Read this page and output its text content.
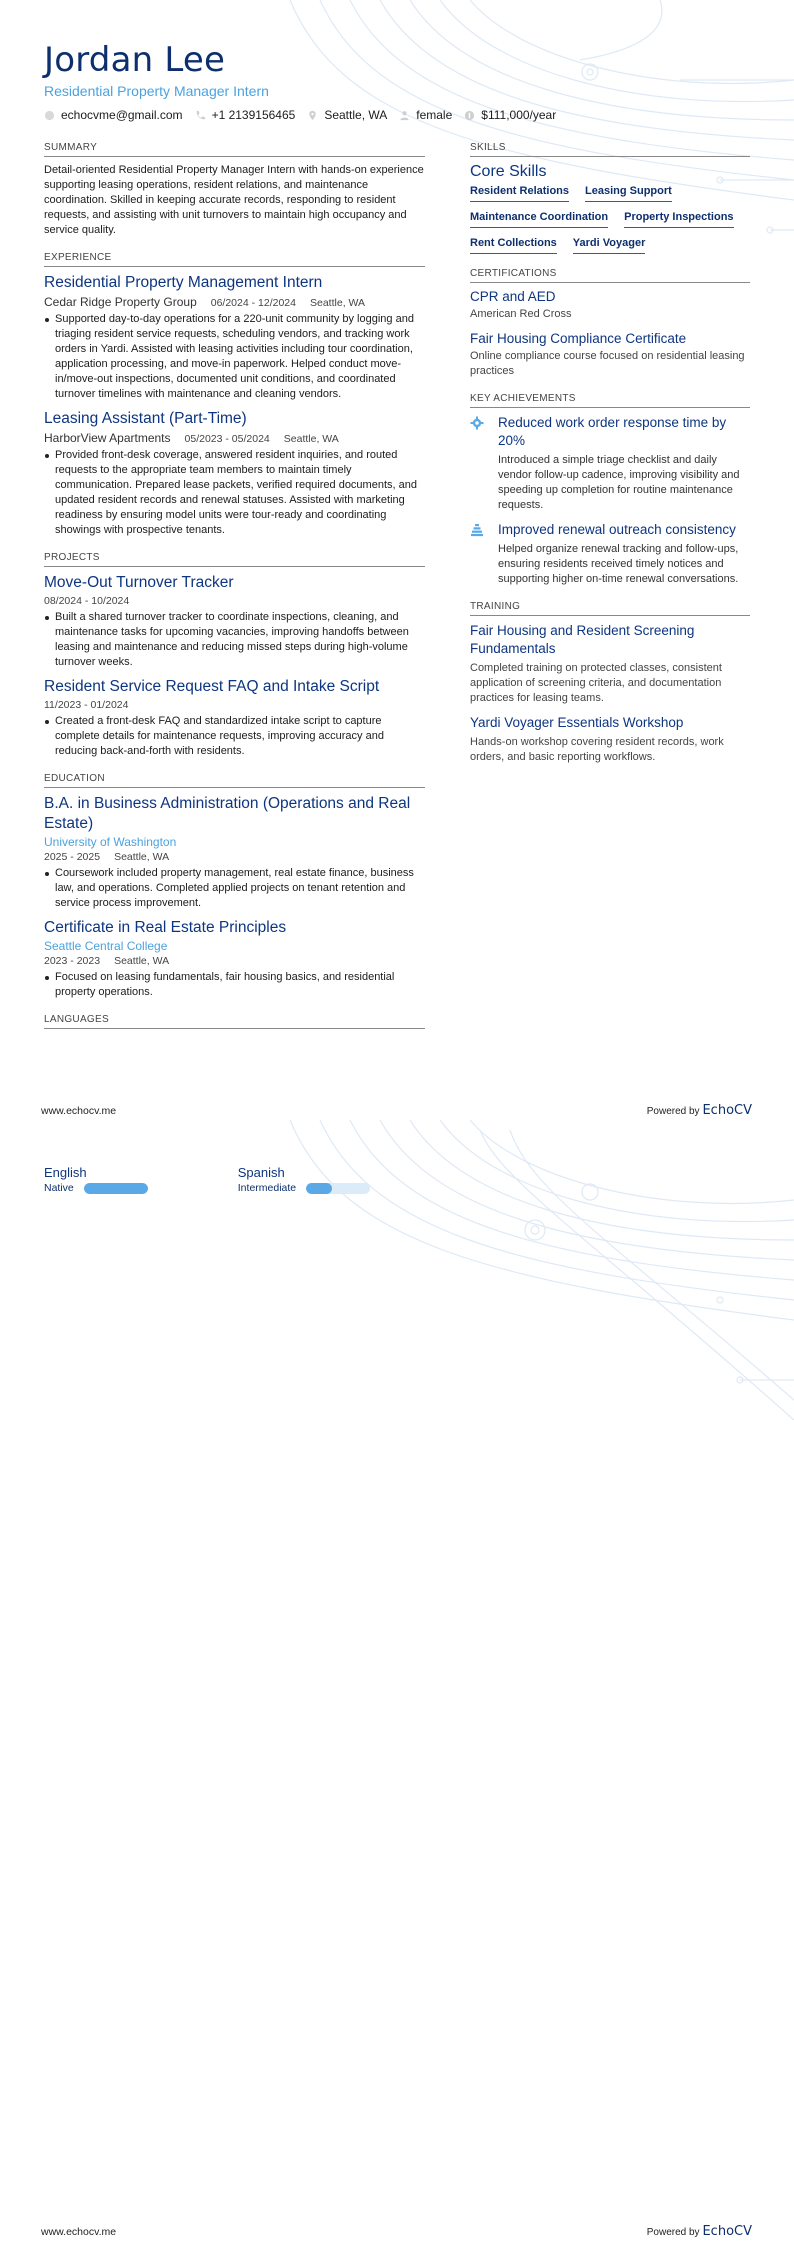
Jordan Lee
Residential Property Manager Intern
echocvme@gmail.com +1 2139156465 Seattle, WA female $111,000/year
SUMMARY
Detail-oriented Residential Property Manager Intern with hands-on experience supporting leasing operations, resident relations, and maintenance coordination. Skilled in keeping accurate records, responding to resident requests, and assisting with unit turnovers to maintain high occupancy and service quality.
EXPERIENCE
Residential Property Management Intern
Cedar Ridge Property Group 06/2024 - 12/2024 Seattle, WA
Supported day-to-day operations for a 220-unit community by logging and triaging resident service requests, scheduling vendors, and tracking work orders in Yardi. Assisted with leasing activities including tour coordination, application processing, and move-in paperwork. Helped conduct move-in/move-out inspections, documented unit conditions, and coordinated turnover timelines with maintenance and cleaning vendors.
Leasing Assistant (Part-Time)
HarborView Apartments 05/2023 - 05/2024 Seattle, WA
Provided front-desk coverage, answered resident inquiries, and routed requests to the appropriate team members to maintain timely communication. Prepared lease packets, verified required documents, and updated resident records and renewal statuses. Assisted with marketing readiness by ensuring model units were tour-ready and coordinating showings with prospective tenants.
PROJECTS
Move-Out Turnover Tracker
08/2024 - 10/2024
Built a shared turnover tracker to coordinate inspections, cleaning, and maintenance tasks for upcoming vacancies, improving handoffs between leasing and maintenance and reducing missed steps during high-volume turnover weeks.
Resident Service Request FAQ and Intake Script
11/2023 - 01/2024
Created a front-desk FAQ and standardized intake script to capture complete details for maintenance requests, improving accuracy and reducing back-and-forth with residents.
EDUCATION
B.A. in Business Administration (Operations and Real Estate)
University of Washington
2025 - 2025 Seattle, WA
Coursework included property management, real estate finance, business law, and operations. Completed applied projects on tenant retention and service process improvement.
Certificate in Real Estate Principles
Seattle Central College
2023 - 2023 Seattle, WA
Focused on leasing fundamentals, fair housing basics, and residential property operations.
LANGUAGES
SKILLS
Core Skills
Resident Relations Leasing Support
Maintenance Coordination Property Inspections
Rent Collections Yardi Voyager
CERTIFICATIONS
CPR and AED
American Red Cross
Fair Housing Compliance Certificate
Online compliance course focused on residential leasing practices
KEY ACHIEVEMENTS
Reduced work order response time by 20%
Introduced a simple triage checklist and daily vendor follow-up cadence, improving visibility and speeding up completion for routine maintenance requests.
Improved renewal outreach consistency
Helped organize renewal tracking and follow-ups, ensuring residents received timely notices and supporting higher on-time renewal conversations.
TRAINING
Fair Housing and Resident Screening Fundamentals
Completed training on protected classes, consistent application of screening criteria, and documentation practices for leasing teams.
Yardi Voyager Essentials Workshop
Hands-on workshop covering resident records, work orders, and basic reporting workflows.
www.echocv.me	Powered by EchoCV
English
Native
Spanish
Intermediate
www.echocv.me	Powered by EchoCV
